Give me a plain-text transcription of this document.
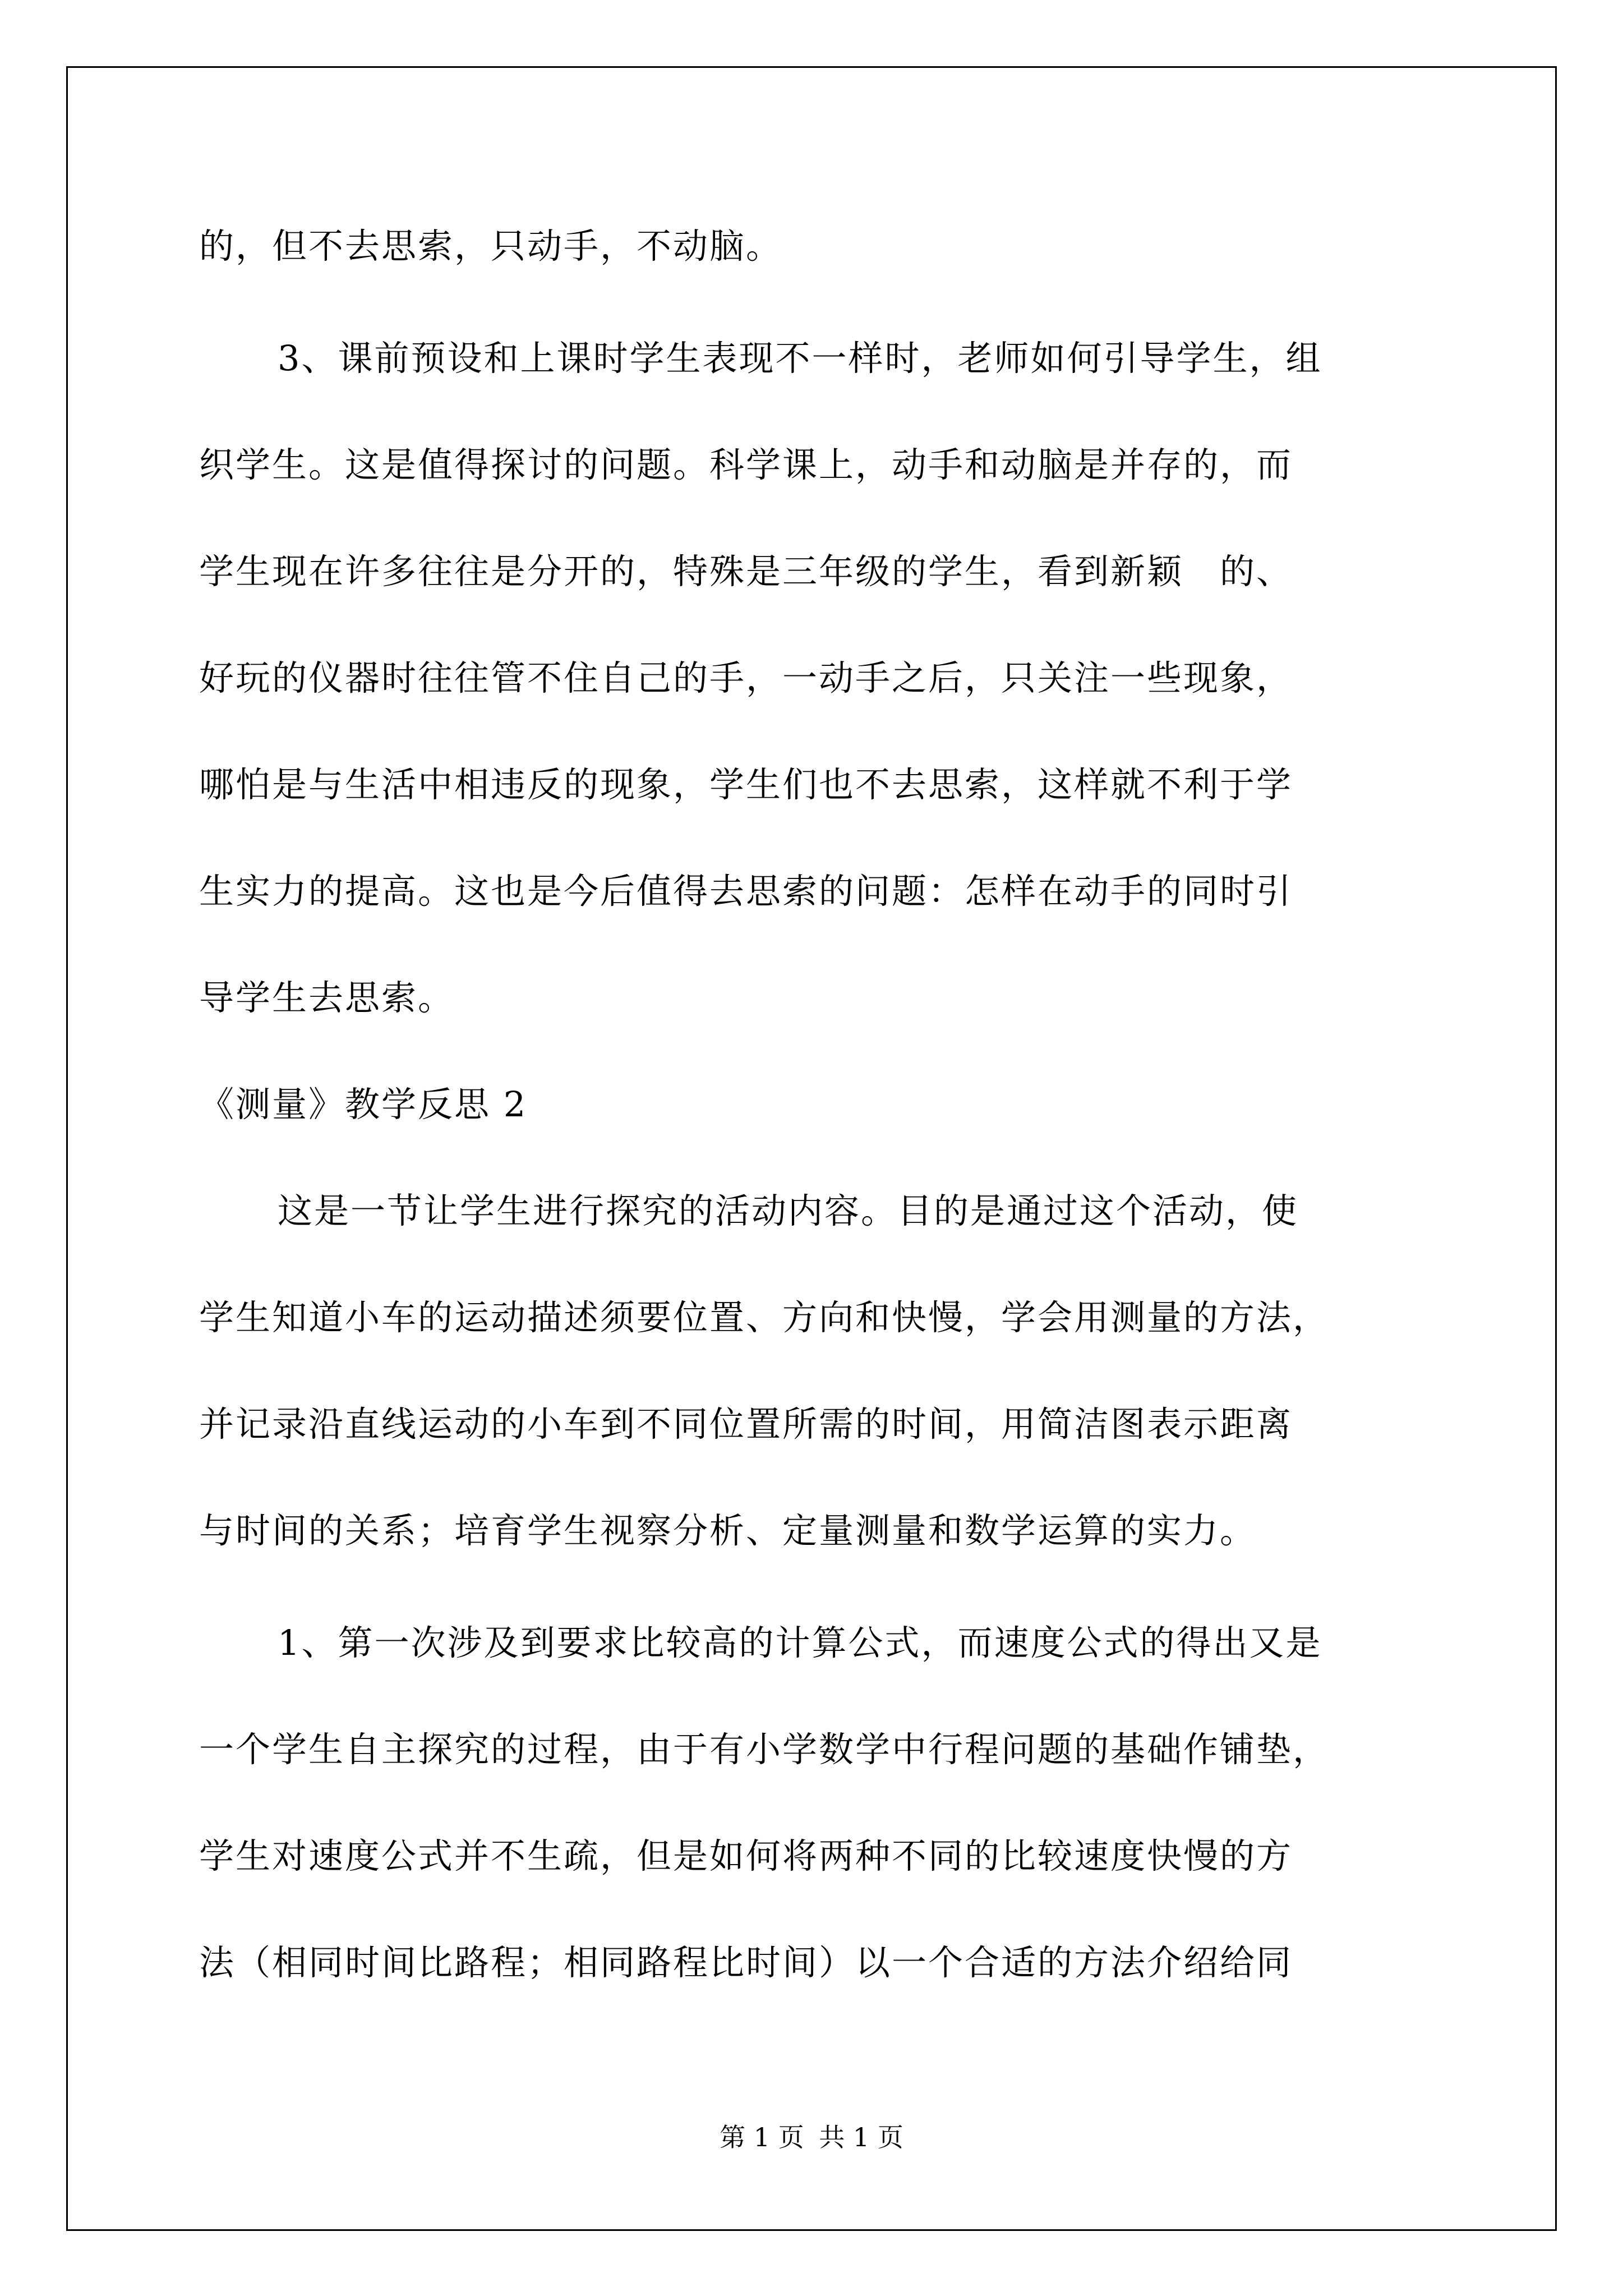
的，但不去思索，只动手，不动脑。
3、课前预设和上课时学生表现不一样时，老师如何引导学生，组
织学生。这是值得探讨的问题。科学课上，动手和动脑是并存的，而
学生现在许多往往是分开的，特殊是三年级的学生，看到新颖　的、
好玩的仪器时往往管不住自己的手，一动手之后，只关注一些现象，
哪怕是与生活中相违反的现象，学生们也不去思索，这样就不利于学
生实力的提高。这也是今后值得去思索的问题：怎样在动手的同时引
导学生去思索。
《测量》教学反思 2
这是一节让学生进行探究的活动内容。目的是通过这个活动，使
学生知道小车的运动描述须要位置、方向和快慢，学会用测量的方法，
并记录沿直线运动的小车到不同位置所需的时间，用简洁图表示距离
与时间的关系；培育学生视察分析、定量测量和数学运算的实力。
1、第一次涉及到要求比较高的计算公式，而速度公式的得出又是
一个学生自主探究的过程，由于有小学数学中行程问题的基础作铺垫，
学生对速度公式并不生疏，但是如何将两种不同的比较速度快慢的方
法（相同时间比路程；相同路程比时间）以一个合适的方法介绍给同
第 1 页 共 1 页
